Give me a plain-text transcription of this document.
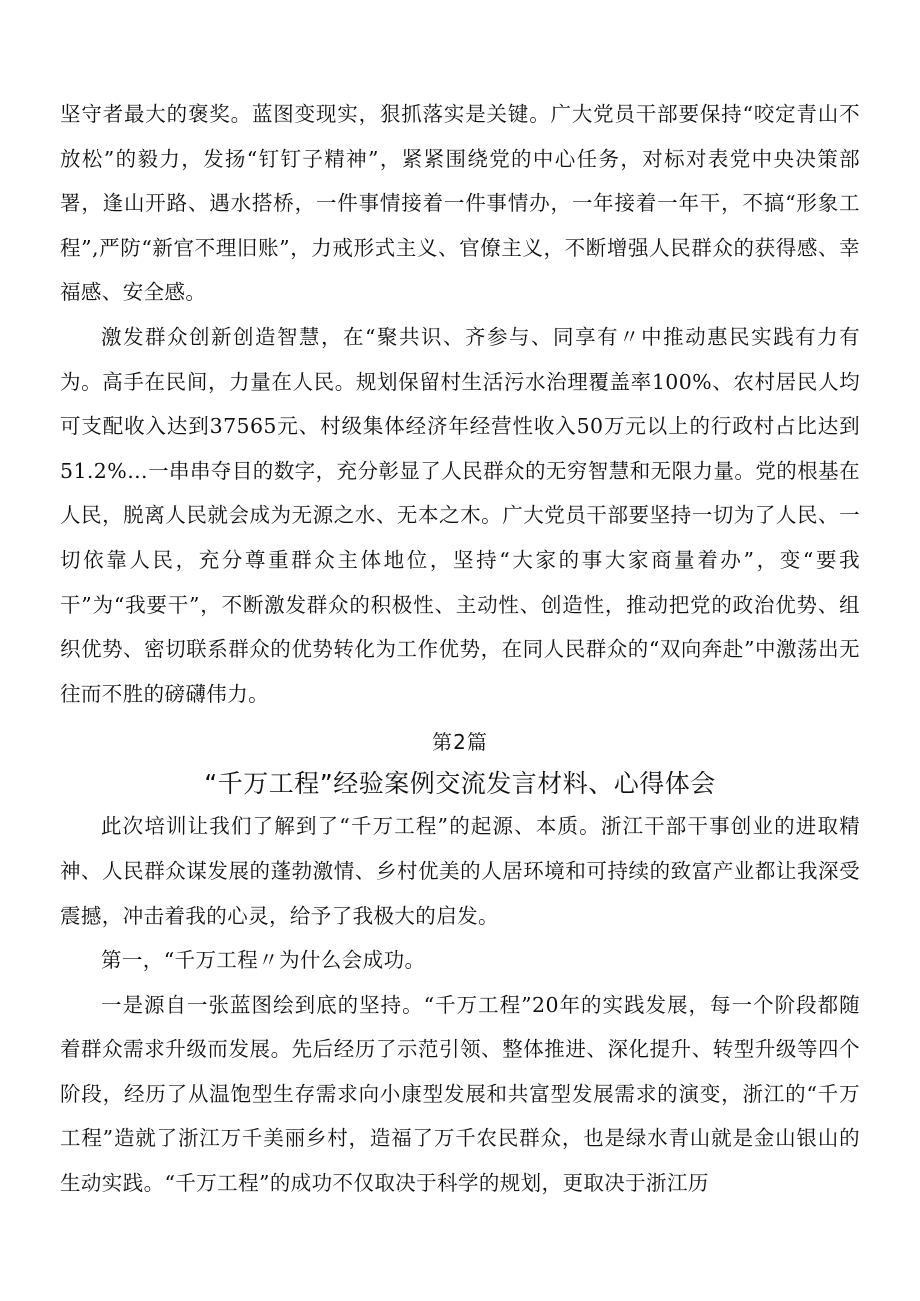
坚守者最大的褒奖。蓝图变现实，狠抓落实是关键。广大党员干部要保持“咬定青山不放松”的毅力，发扬“钉钉子精神”，紧紧围绕党的中心任务，对标对表党中央决策部署，逢山开路、遇水搭桥，一件事情接着一件事情办，一年接着一年干，不搞“形象工程”,严防“新官不理旧账”，力戒形式主义、官僚主义，不断增强人民群众的获得感、幸福感、安全感。

激发群众创新创造智慧，在“聚共识、齐参与、同享有〃中推动惠民实践有力有为。高手在民间，力量在人民。规划保留村生活污水治理覆盖率100%、农村居民人均可支配收入达到37565元、村级集体经济年经营性收入50万元以上的行政村占比达到51.2%…一串串夺目的数字，充分彰显了人民群众的无穷智慧和无限力量。党的根基在人民，脱离人民就会成为无源之水、无本之木。广大党员干部要坚持一切为了人民、一切依靠人民，充分尊重群众主体地位，坚持“大家的事大家商量着办”，变“要我干”为“我要干”，不断激发群众的积极性、主动性、创造性，推动把党的政治优势、组织优势、密切联系群众的优势转化为工作优势，在同人民群众的“双向奔赴”中激荡出无往而不胜的磅礴伟力。

第2篇
“千万工程”经验案例交流发言材料、心得体会

此次培训让我们了解到了“千万工程”的起源、本质。浙江干部干事创业的进取精神、人民群众谋发展的蓬勃激情、乡村优美的人居环境和可持续的致富产业都让我深受震撼，冲击着我的心灵，给予了我极大的启发。

第一，“千万工程〃为什么会成功。

一是源自一张蓝图绘到底的坚持。“千万工程”20年的实践发展，每一个阶段都随着群众需求升级而发展。先后经历了示范引领、整体推进、深化提升、转型升级等四个阶段，经历了从温饱型生存需求向小康型发展和共富型发展需求的演变，浙江的“千万工程”造就了浙江万千美丽乡村，造福了万千农民群众，也是绿水青山就是金山银山的生动实践。“千万工程”的成功不仅取决于科学的规划，更取决于浙江历
